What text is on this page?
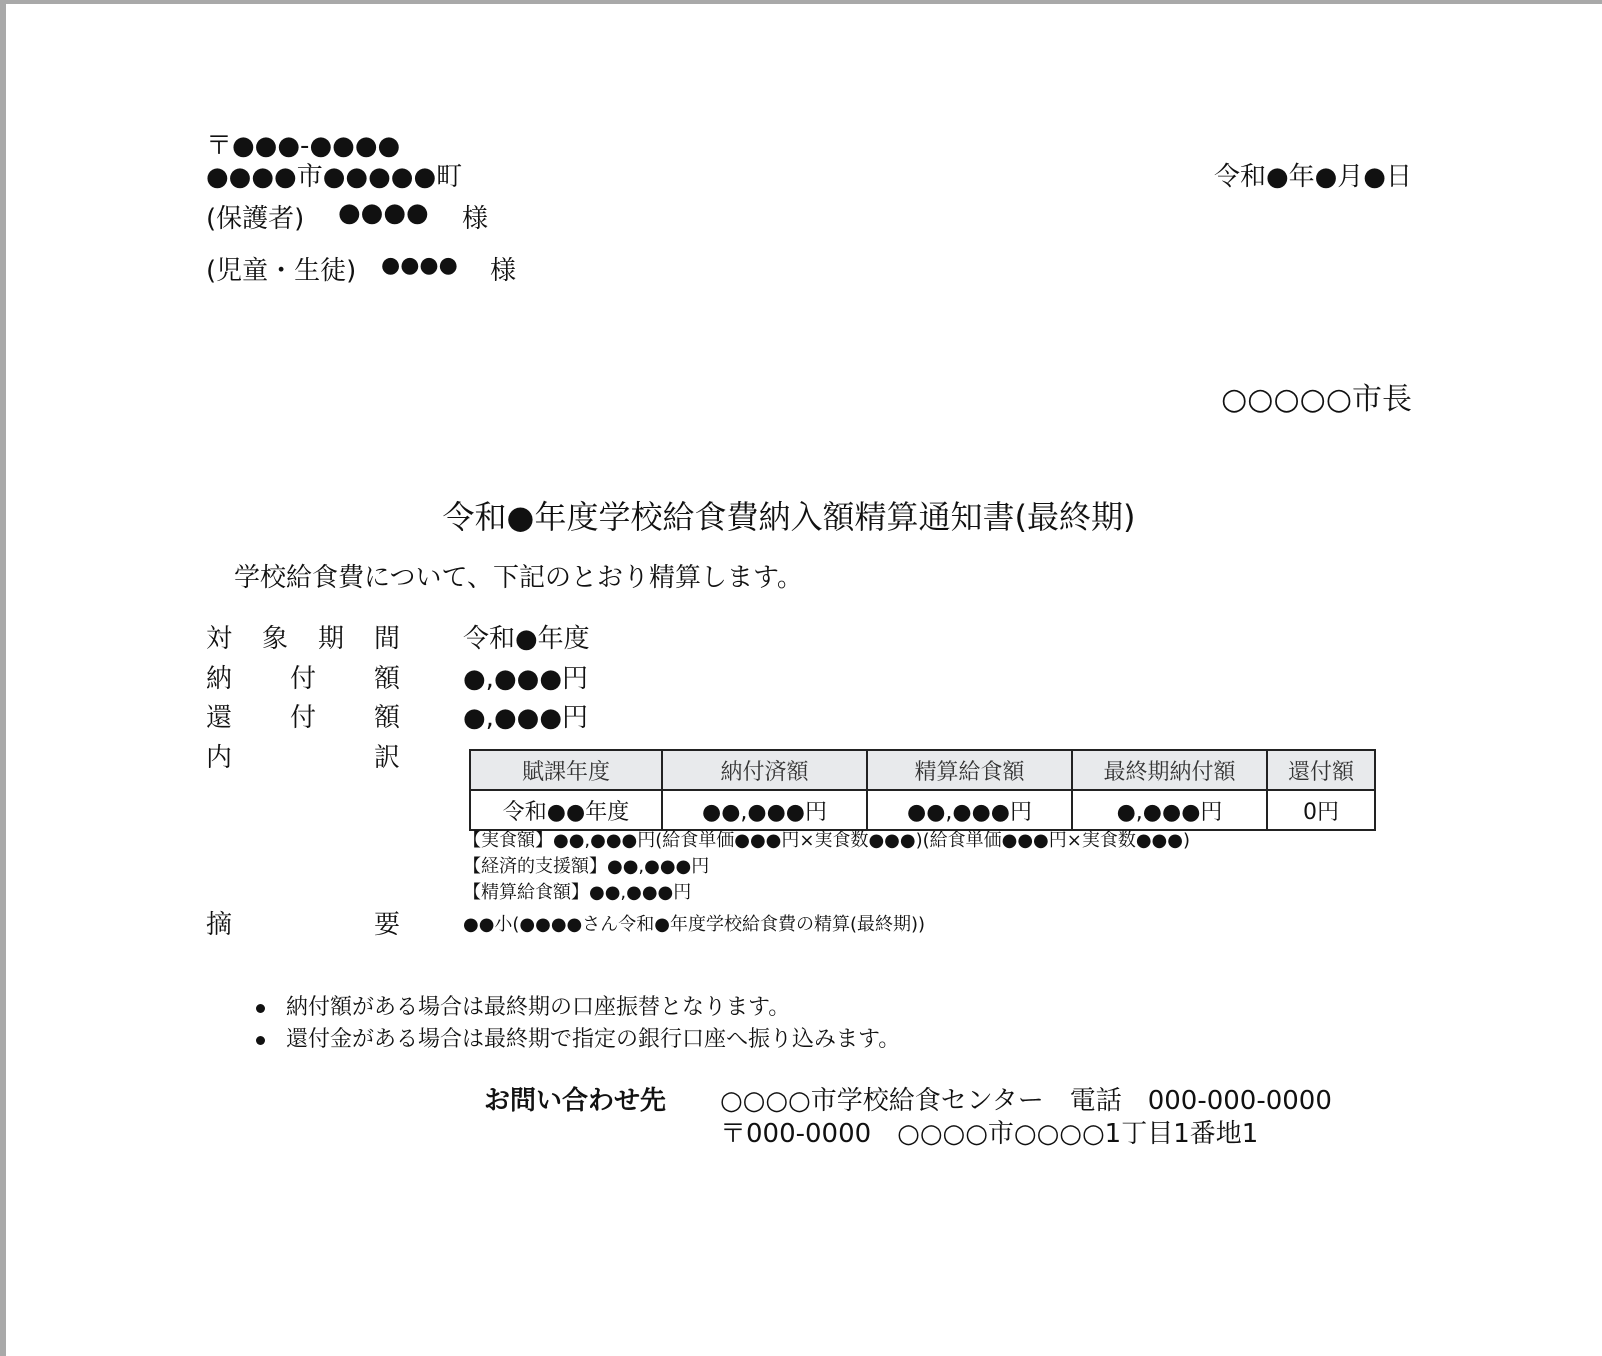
〒●●●-●●●●
●●●●市●●●●●町
(保護者) ●●●● 様
(児童・生徒) ●●●● 様
令和●年●月●日
○○○○○市長
令和●年度学校給食費納入額精算通知書(最終期)
学校給食費について、下記のとおり精算します。
対 象 期 間 令和●年度
納 付 額 ●,●●●円
還 付 額 ●,●●●円
内	訳	賦課年度	納付済額	精算給食額	最終期納付額	還付額
令和●●年度	●●,●●●円	●●,●●●円	●,●●●円	0円
【実食額】●●,●●●円(給食単価●●●円×実食数●●●)(給食単価●●●円×実食数●●●)
【経済的支援額】●●,●●●円
【精算給食額】●●,●●●円
摘	要	●●小(●●●●さん令和●年度学校給食費の精算(最終期))
納付額がある場合は最終期の口座振替となります。
還付金がある場合は最終期で指定の銀行口座へ振り込みます。
お問い合わせ先 ○○○○市学校給食センター　電話　000-000-0000
〒000-0000　○○○○市○○○○1丁目1番地1
